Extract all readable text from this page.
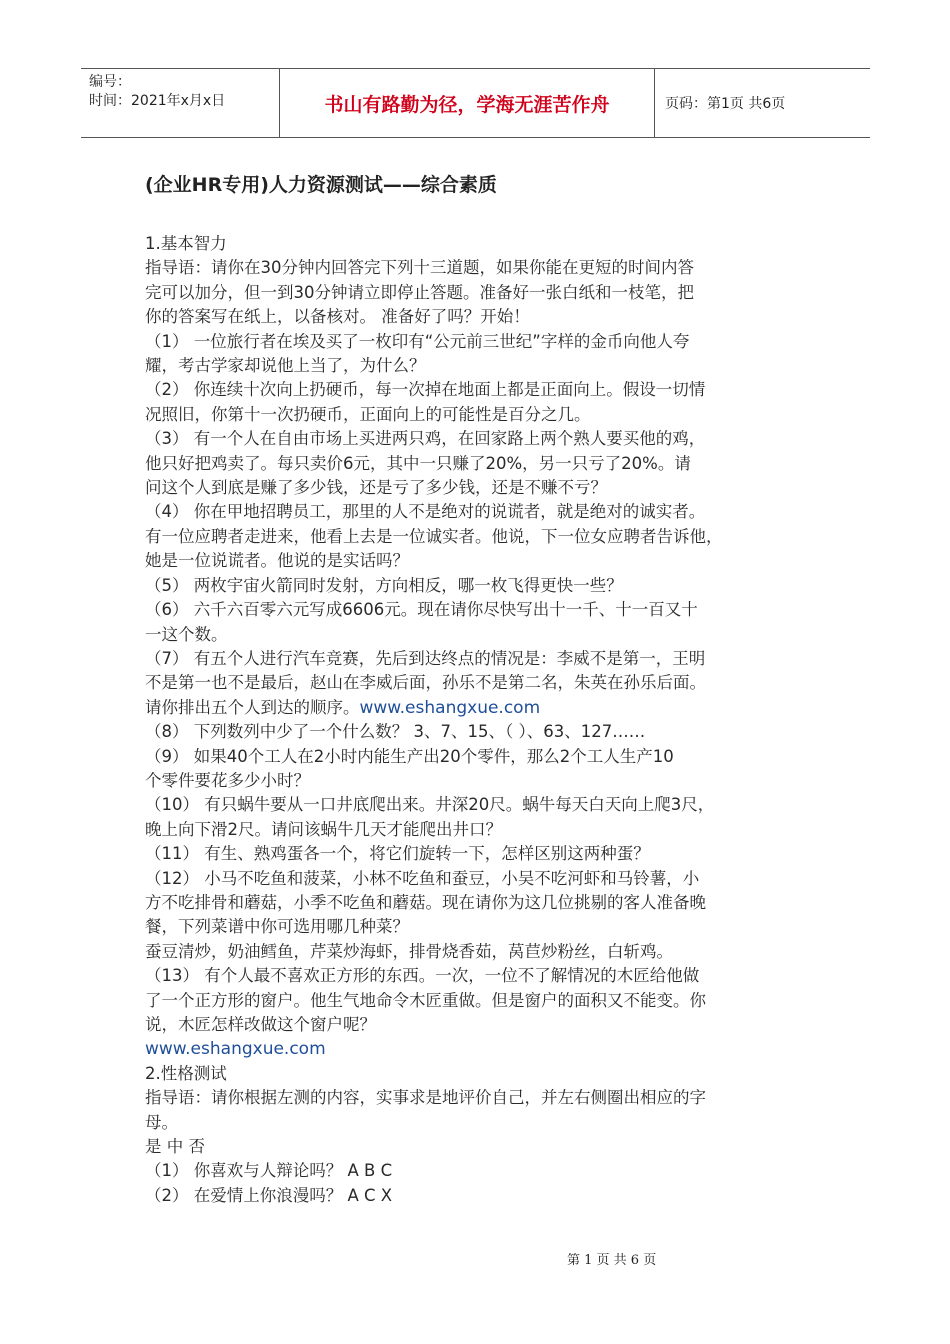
编号：
时间：2021年x月x日	书山有路勤为径，学海无涯苦作舟	页码：第1页 共6页
(企业HR专用)人力资源测试——综合素质

1.基本智力

指导语：请你在30分钟内回答完下列十三道题，如果你能在更短的时间内答

完可以加分，但一到30分钟请立即停止答题。准备好一张白纸和一枝笔，把

你的答案写在纸上，以备核对。 准备好了吗？开始！

（1） 一位旅行者在埃及买了一枚印有“公元前三世纪”字样的金币向他人夸

耀，考古学家却说他上当了，为什么？

（2） 你连续十次向上扔硬币，每一次掉在地面上都是正面向上。假设一切情

况照旧，你第十一次扔硬币，正面向上的可能性是百分之几。

（3） 有一个人在自由市场上买进两只鸡，在回家路上两个熟人要买他的鸡，

他只好把鸡卖了。每只卖价6元，其中一只赚了20%，另一只亏了20%。请

问这个人到底是赚了多少钱，还是亏了多少钱，还是不赚不亏？

（4） 你在甲地招聘员工，那里的人不是绝对的说谎者，就是绝对的诚实者。

有一位应聘者走进来，他看上去是一位诚实者。他说，下一位女应聘者告诉他，

她是一位说谎者。他说的是实话吗？

（5） 两枚宇宙火箭同时发射，方向相反，哪一枚飞得更快一些？

（6） 六千六百零六元写成6606元。现在请你尽快写出十一千、十一百又十

一这个数。

（7） 有五个人进行汽车竞赛，先后到达终点的情况是：李威不是第一，王明

不是第一也不是最后，赵山在李威后面，孙乐不是第二名，朱英在孙乐后面。

请你排出五个人到达的顺序。www.eshangxue.com

（8） 下列数列中少了一个什么数？ 3、7、15、（ ）、63、127……

（9） 如果40个工人在2小时内能生产出20个零件，那么2个工人生产10

个零件要花多少小时？

（10） 有只蜗牛要从一口井底爬出来。井深20尺。蜗牛每天白天向上爬3尺，

晚上向下滑2尺。请问该蜗牛几天才能爬出井口？

（11） 有生、熟鸡蛋各一个，将它们旋转一下，怎样区别这两种蛋？

（12） 小马不吃鱼和菠菜，小林不吃鱼和蚕豆，小吴不吃河虾和马铃薯，小

方不吃排骨和蘑菇，小季不吃鱼和蘑菇。现在请你为这几位挑剔的客人准备晚

餐，下列菜谱中你可选用哪几种菜？

蚕豆清炒，奶油鳕鱼，芹菜炒海虾，排骨烧香茹，莴苣炒粉丝，白斩鸡。

（13） 有个人最不喜欢正方形的东西。一次，一位不了解情况的木匠给他做

了一个正方形的窗户。他生气地命令木匠重做。但是窗户的面积又不能变。你

说，木匠怎样改做这个窗户呢？

www.eshangxue.com

2.性格测试

指导语：请你根据左测的内容，实事求是地评价自己，并左右侧圈出相应的字

母。

是 中 否

（1） 你喜欢与人辩论吗？ A B C

（2） 在爱情上你浪漫吗？ A C X

第 1 页 共 6 页
